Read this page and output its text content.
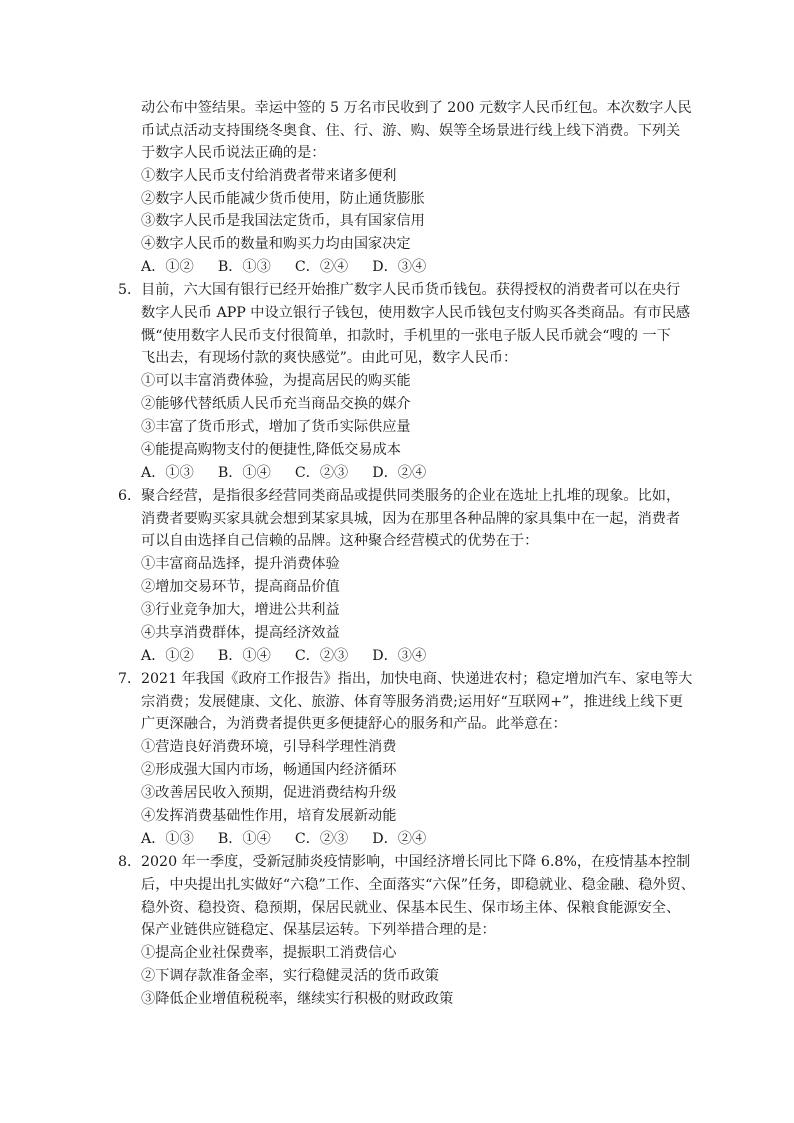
动公布中签结果。幸运中签的 5 万名市民收到了 200 元数字人民币红包。本次数字人民
币试点活动支持围绕冬奥食、住、行、游、购、娱等全场景进行线上线下消费。下列关
于数字人民币说法正确的是：
①数字人民币支付给消费者带来诸多便利
②数字人民币能减少货币使用，防止通货膨胀
③数字人民币是我国法定货币，具有国家信用
④数字人民币的数量和购买力均由国家决定
A．①② B．①③ C．②④ D．③④
5．目前，六大国有银行已经开始推广数字人民币货币钱包。获得授权的消费者可以在央行
数字人民币 APP 中设立银行子钱包，使用数字人民币钱包支付购买各类商品。有市民感
慨“使用数字人民币支付很简单，扣款时，手机里的一张电子版人民币就会“嗖的 一下
飞出去，有现场付款的爽快感觉”。由此可见，数字人民币：
①可以丰富消费体验，为提高居民的购买能
②能够代替纸质人民币充当商品交换的媒介
③丰富了货币形式，增加了货币实际供应量
④能提高购物支付的便捷性,降低交易成本
A．①③ B．①④ C．②③ D．②④
6．聚合经营，是指很多经营同类商品或提供同类服务的企业在选址上扎堆的现象。比如，
消费者要购买家具就会想到某家具城，因为在那里各种品牌的家具集中在一起，消费者
可以自由选择自己信赖的品牌。这种聚合经营模式的优势在于：
①丰富商品选择，提升消费体验
②增加交易环节，提高商品价值
③行业竞争加大，增进公共利益
④共享消费群体，提高经济效益
A．①② B．①④ C．②③ D．③④
7．2021 年我国《政府工作报告》指出，加快电商、快递进农村；稳定增加汽车、家电等大
宗消费；发展健康、文化、旅游、体育等服务消费;运用好“互联网+”，推进线上线下更
广更深融合，为消费者提供更多便捷舒心的服务和产品。此举意在：
①营造良好消费环境，引导科学理性消费
②形成强大国内市场，畅通国内经济循环
③改善居民收入预期，促进消费结构升级
④发挥消费基础性作用，培育发展新动能
A．①③ B．①④ C．②③ D．②④
8．2020 年一季度，受新冠肺炎疫情影响，中国经济增长同比下降 6.8%，在疫情基本控制
后，中央提出扎实做好“六稳”工作、全面落实“六保”任务，即稳就业、稳金融、稳外贸、
稳外资、稳投资、稳预期，保居民就业、保基本民生、保市场主体、保粮食能源安全、
保产业链供应链稳定、保基层运转。下列举措合理的是：
①提高企业社保费率，提振职工消费信心
②下调存款准备金率，实行稳健灵活的货币政策
③降低企业增值税税率，继续实行积极的财政政策
